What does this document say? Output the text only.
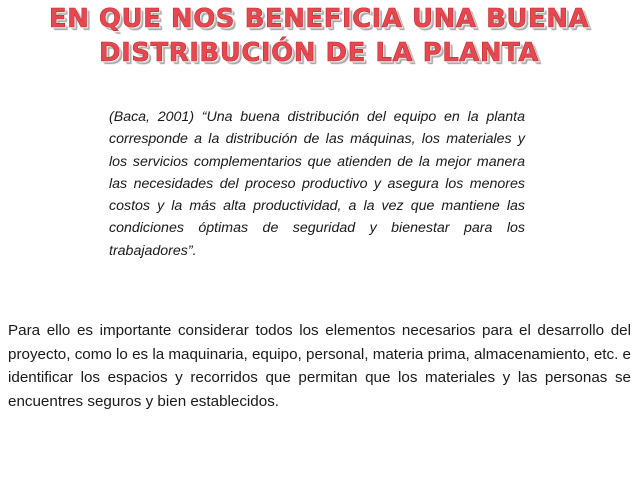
EN QUE NOS BENEFICIA UNA BUENA
DISTRIBUCIÓN DE LA PLANTA
(Baca, 2001) “Una buena distribución del equipo en la planta corresponde a la distribución de las máquinas, los materiales y los servicios complementarios que atienden de la mejor manera las necesidades del proceso productivo y asegura los menores costos y la más alta productividad, a la vez que mantiene las condiciones óptimas de seguridad y bienestar para los trabajadores”.
Para ello es importante considerar todos los elementos necesarios para el desarrollo del proyecto, como lo es la maquinaria, equipo, personal, materia prima, almacenamiento, etc. e identificar los espacios y recorridos que permitan que los materiales y las personas se encuentres seguros y bien establecidos.
